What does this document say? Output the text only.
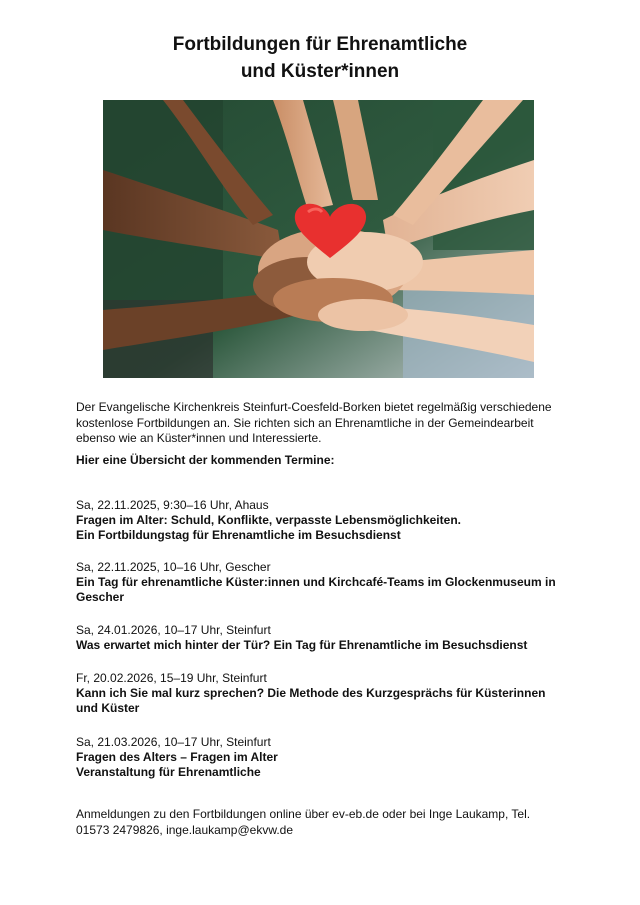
Fortbildungen für Ehrenamtliche
und Küster*innen
Der Evangelische Kirchenkreis Steinfurt-Coesfeld-Borken bietet regelmäßig verschiedene kostenlose Fortbildungen an. Sie richten sich an Ehrenamtliche in der Gemeindearbeit ebenso wie an Küster*innen und Interessierte.
Hier eine Übersicht der kommenden Termine:
Sa, 22.11.2025, 9:30–16 Uhr, Ahaus
Fragen im Alter: Schuld, Konflikte, verpasste Lebensmöglichkeiten.
Ein Fortbildungstag für Ehrenamtliche im Besuchsdienst
Sa, 22.11.2025, 10–16 Uhr, Gescher
Ein Tag für ehrenamtliche Küster:innen und Kirchcafé-Teams im Glockenmuseum in Gescher
Sa, 24.01.2026, 10–17 Uhr, Steinfurt
Was erwartet mich hinter der Tür? Ein Tag für Ehrenamtliche im Besuchsdienst
Fr, 20.02.2026, 15–19 Uhr, Steinfurt
Kann ich Sie mal kurz sprechen? Die Methode des Kurzgesprächs für Küsterinnen und Küster
Sa, 21.03.2026, 10–17 Uhr, Steinfurt
Fragen des Alters – Fragen im Alter
Veranstaltung für Ehrenamtliche
Anmeldungen zu den Fortbildungen online über ev-eb.de oder bei Inge Laukamp, Tel. 01573 2479826, inge.laukamp@ekvw.de
